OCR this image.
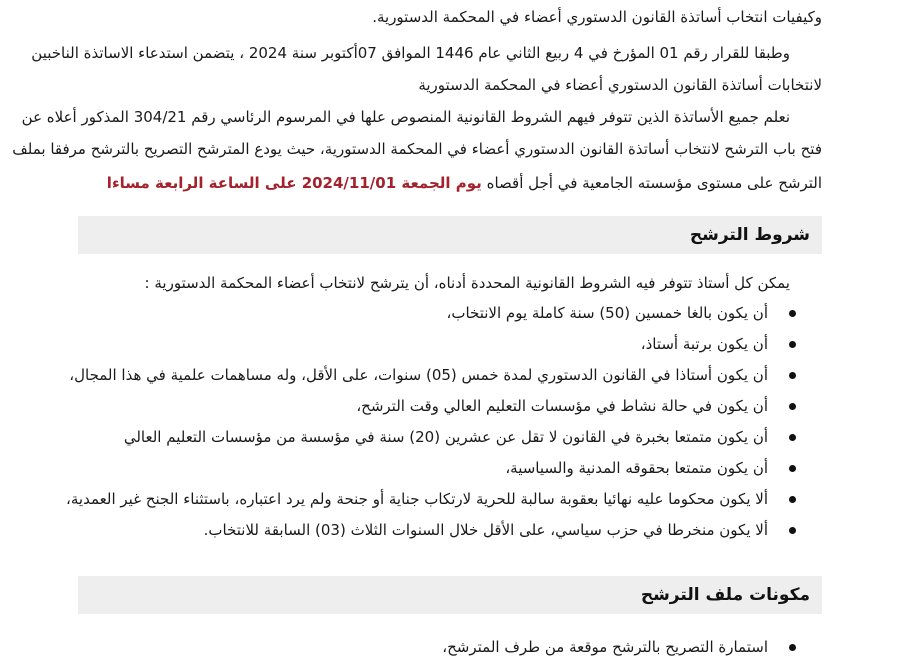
وكيفيات انتخاب أساتذة القانون الدستوري أعضاء في المحكمة الدستورية.
وطبقا للقرار رقم 01 المؤرخ في 4 ربيع الثاني عام 1446 الموافق 07أكتوبر سنة 2024 ، يتضمن استدعاء الاساتذة الناخبين
لانتخابات أساتذة القانون الدستوري أعضاء في المحكمة الدستورية
نعلم جميع الأساتذة الذين تتوفر فيهم الشروط القانونية المنصوص علها في المرسوم الرئاسي رقم 304/21 المذكور أعلاه عن
فتح باب الترشح لانتخاب أساتذة القانون الدستوري أعضاء في المحكمة الدستورية، حيث يودع المترشح التصريح بالترشح مرفقا بملف
الترشح على مستوى مؤسسته الجامعية في أجل أقصاه يوم الجمعة 2024/11/01 على الساعة الرابعة مساءا
شروط الترشح
يمكن كل أستاذ تتوفر فيه الشروط القانونية المحددة أدناه، أن يترشح لانتخاب أعضاء المحكمة الدستورية :
أن يكون بالغا خمسين (50) سنة كاملة يوم الانتخاب،
أن يكون برتبة أستاذ،
أن يكون أستاذا في القانون الدستوري لمدة خمس (05) سنوات، على الأقل، وله مساهمات علمية في هذا المجال،
أن يكون في حالة نشاط في مؤسسات التعليم العالي وقت الترشح،
أن يكون متمتعا بخبرة في القانون لا تقل عن عشرين (20) سنة في مؤسسة من مؤسسات التعليم العالي
أن يكون متمتعا بحقوقه المدنية والسياسية،
ألا يكون محكوما عليه نهائيا بعقوبة سالبة للحرية لارتكاب جناية أو جنحة ولم يرد اعتباره، باستثناء الجنح غير العمدية،
ألا يكون منخرطا في حزب سياسي، على الأقل خلال السنوات الثلاث (03) السابقة للانتخاب.
مكونات ملف الترشح
استمارة التصريح بالترشح موقعة من طرف المترشح،
